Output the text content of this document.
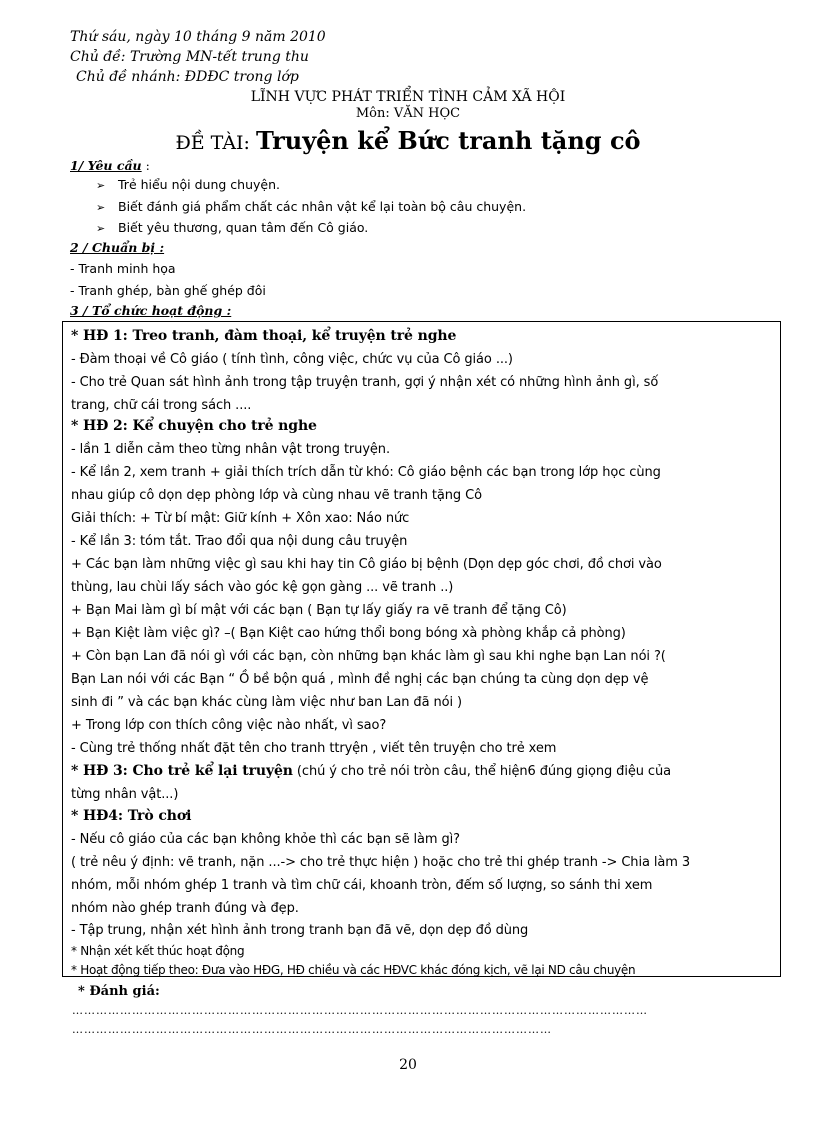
Thứ sáu, ngày 10 tháng 9 năm 2010
Chủ đề: Trường MN-tết trung thu
Chủ đề nhánh: ĐDĐC trong lớp
LĨNH VỰC PHÁT TRIỂN TÌNH CẢM XÃ HỘI
Môn: VĂN HỌC
ĐỀ TÀI: Truyện kể Bức tranh tặng cô
1/ Yêu cầu :
➢ Trẻ hiểu nội dung chuyện.
➢ Biết đánh giá phẩm chất các nhân vật kể lại toàn bộ câu chuyện.
➢ Biết yêu thương, quan tâm đến Cô giáo.
2 / Chuẩn bị :
- Tranh minh họa
- Tranh ghép, bàn ghế ghép đôi
3 / Tổ chức hoạt động :
* HĐ 1: Treo tranh, đàm thoại, kể truyện trẻ nghe
- Đàm thoại về Cô giáo ( tính tình, công việc, chức vụ của Cô giáo ...)
- Cho trẻ Quan sát hình ảnh trong tập truyện tranh, gợi ý nhận xét có những hình ảnh gì, số
trang, chữ cái trong sách ....
* HĐ 2: Kể chuyện cho trẻ nghe
- lần 1 diễn cảm theo từng nhân vật trong truyện.
- Kể lần 2, xem tranh + giải thích trích dẫn từ khó: Cô giáo bệnh các bạn trong lớp học cùng
nhau giúp cô dọn dẹp phòng lớp và cùng nhau vẽ tranh tặng Cô
Giải thích: + Từ bí mật: Giữ kính + Xôn xao: Náo nức
- Kể lần 3: tóm tắt. Trao đổi qua nội dung câu truyện
+ Các bạn làm những việc gì sau khi hay tin Cô giáo bị bệnh (Dọn dẹp góc chơi, đồ chơi vào
thùng, lau chùi lấy sách vào góc kệ gọn gàng ... vẽ tranh ..)
+ Bạn Mai làm gì bí mật với các bạn ( Bạn tự lấy giấy ra vẽ tranh để tặng Cô)
+ Bạn Kiệt làm việc gì? –( Bạn Kiệt cao hứng thổi bong bóng xà phòng khắp cả phòng)
+ Còn bạn Lan đã nói gì với các bạn, còn những bạn khác làm gì sau khi nghe bạn Lan nói ?(
Bạn Lan nói với các Bạn “ Ồ bề bộn quá , mình đề nghị các bạn chúng ta cùng dọn dẹp vệ
sinh đi ” và các bạn khác cùng làm việc như ban Lan đã nói )
+ Trong lớp con thích công việc nào nhất, vì sao?
- Cùng trẻ thống nhất đặt tên cho tranh ttryện , viết tên truyện cho trẻ xem
* HĐ 3: Cho trẻ kể lại truyện (chú ý cho trẻ nói tròn câu, thể hiện6 đúng giọng điệu của
từng nhân vật...)
* HĐ4: Trò chơi
- Nếu cô giáo của các bạn không khỏe thì các bạn sẽ làm gì?
( trẻ nêu ý định: vẽ tranh, nặn ...-> cho trẻ thực hiện ) hoặc cho trẻ thi ghép tranh -> Chia làm 3
nhóm, mỗi nhóm ghép 1 tranh và tìm chữ cái, khoanh tròn, đếm số lượng, so sánh thi xem
nhóm nào ghép tranh đúng và đẹp.
- Tập trung, nhận xét hình ảnh trong tranh bạn đã vẽ, dọn dẹp đồ dùng
* Nhận xét kết thúc hoạt động
* Hoạt động tiếp theo: Đưa vào HĐG, HĐ chiều và các HĐVC khác đóng kịch, vẽ lại ND câu chuyện
* Đánh giá:
………………………………………………………………………………………………………………………………
…………………………………………………………………………………………………………
20
